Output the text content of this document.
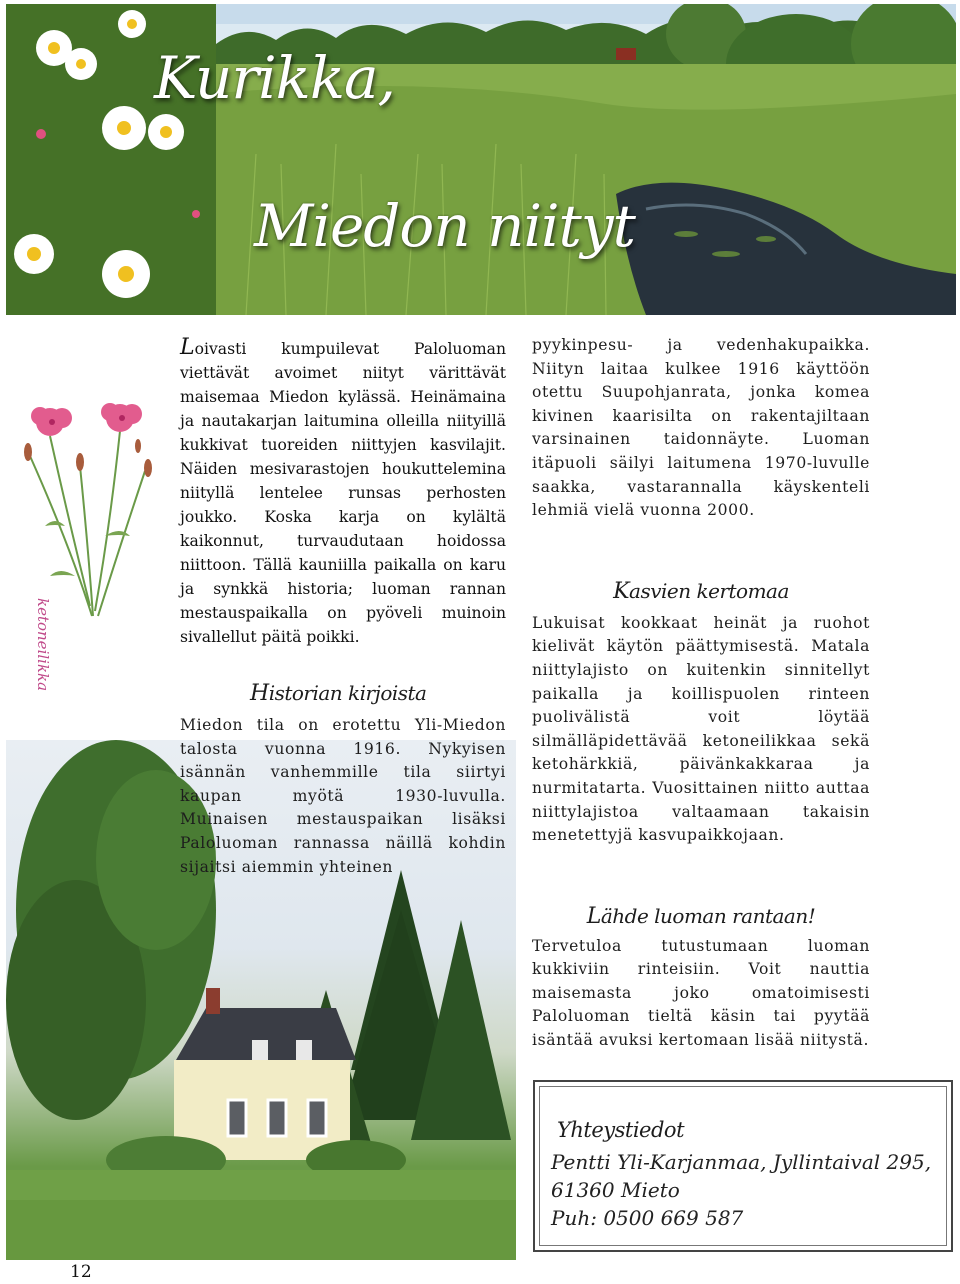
Kurikka,
Miedon niityt
ketoneilikka

Loivasti kumpuilevat Paloluoman viettävät avoimet niityt värittävät maisemaa Miedon kylässä. Heinämaina ja nautakarjan laitumina olleilla niityillä kukkivat tuoreiden niittyjen kasvilajit. Näiden mesivarastojen houkuttelemina niityllä lentelee runsas perhosten joukko. Koska karja on kylältä kaikonnut, turvaudutaan hoidossa niittoon. Tällä kauniilla paikalla on karu ja synkkä historia; luoman rannan mestauspaikalla on pyöveli muinoin sivallellut päitä poikki.

Historian kirjoista

Miedon tila on erotettu Yli-Miedon talosta vuonna 1916. Nykyisen isännän vanhemmille tila siirtyi kaupan myötä 1930-luvulla. Muinaisen mestauspaikan lisäksi Paloluoman rannassa näillä kohdin sijaitsi aiemmin yhteinen

pyykinpesu- ja vedenhakupaikka. Niityn laitaa kulkee 1916 käyttöön otettu Suupohjanrata, jonka komea kivinen kaarisilta on rakentajiltaan varsinainen taidonnäyte. Luoman itäpuoli säilyi laitumena 1970-luvulle saakka, vastarannalla käyskenteli lehmiä vielä vuonna 2000.

Kasvien kertomaa

Lukuisat kookkaat heinät ja ruohot kielivät käytön päättymisestä. Matala niittylajisto on kuitenkin sinnitellyt paikalla ja koillispuolen rinteen puolivälistä voit löytää silmälläpidettävää ketoneilikkaa sekä ketohärkkiä, päivänkakkaraa ja nurmitatarta. Vuosittainen niitto auttaa niittylajistoa valtaamaan takaisin menetettyjä kasvupaikkojaan.

Lähde luoman rantaan!

Tervetuloa tutustumaan luoman kukkiviin rinteisiin. Voit nauttia maisemasta joko omatoimisesti Paloluoman tieltä käsin tai pyytää isäntää avuksi kertomaan lisää niitystä.

Yhteystiedot
Pentti Yli-Karjanmaa, Jyllintaival 295,
61360 Mieto
Puh: 0500 669 587
12
